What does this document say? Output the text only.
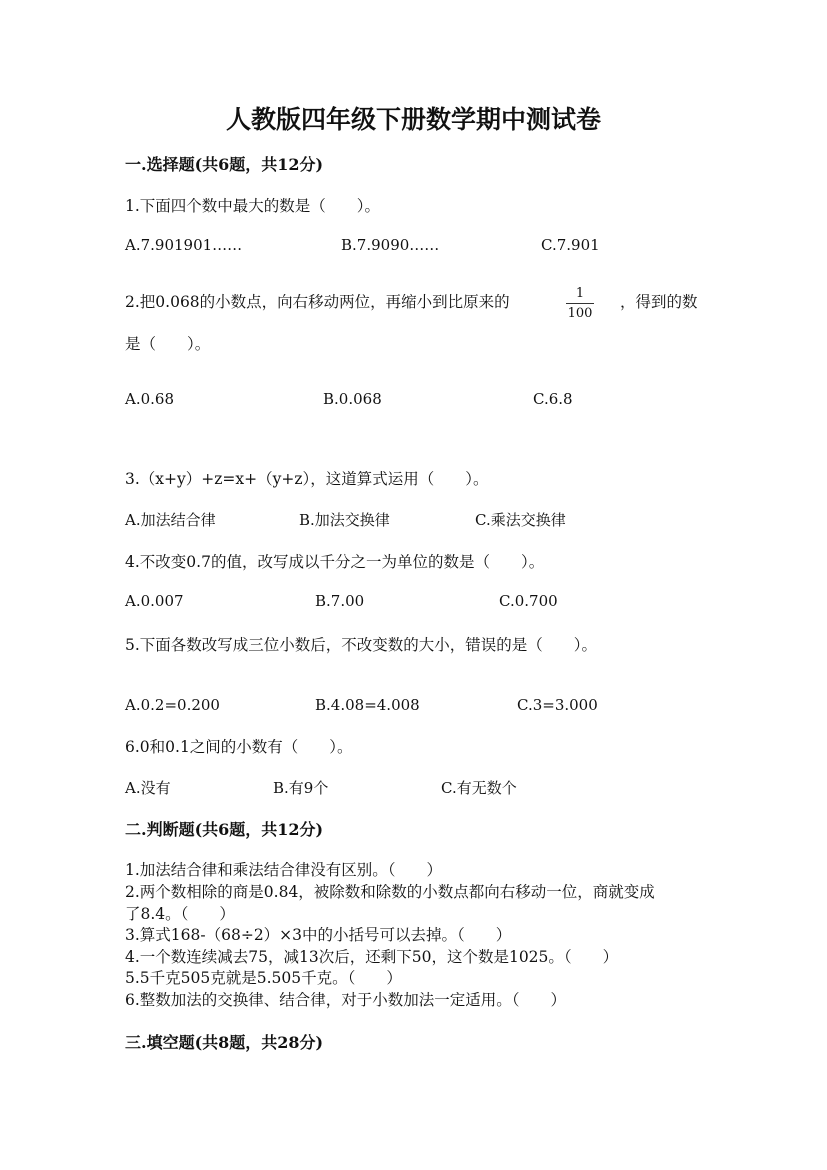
人教版四年级下册数学期中测试卷
一.选择题(共6题，共12分)
1.下面四个数中最大的数是（　　）。
A.7.901901……	B.7.9090……	C.7.901
2.把0.068的小数点，向右移动两位，再缩小到比原来的	1
100
，得到的数
是（　　）。
A.0.68	B.0.068	C.6.8
3.（x+y）+z=x+（y+z），这道算式运用（　　）。
A.加法结合律	B.加法交换律	C.乘法交换律
4.不改变0.7的值，改写成以千分之一为单位的数是（　　）。
A.0.007	B.7.00	C.0.700
5.下面各数改写成三位小数后，不改变数的大小，错误的是（　　）。
A.0.2=0.200	B.4.08=4.008	C.3=3.000
6.0和0.1之间的小数有（　　）。
A.没有	B.有9个	C.有无数个
二.判断题(共6题，共12分)
1.加法结合律和乘法结合律没有区别。（　　）
2.两个数相除的商是0.84，被除数和除数的小数点都向右移动一位，商就变成
了8.4。（　　）
3.算式168-（68÷2）×3中的小括号可以去掉。（　　）
4.一个数连续减去75，减13次后，还剩下50，这个数是1025。（　　）
5.5千克505克就是5.505千克。（　　）
6.整数加法的交换律、结合律，对于小数加法一定适用。（　　）
三.填空题(共8题，共28分)
